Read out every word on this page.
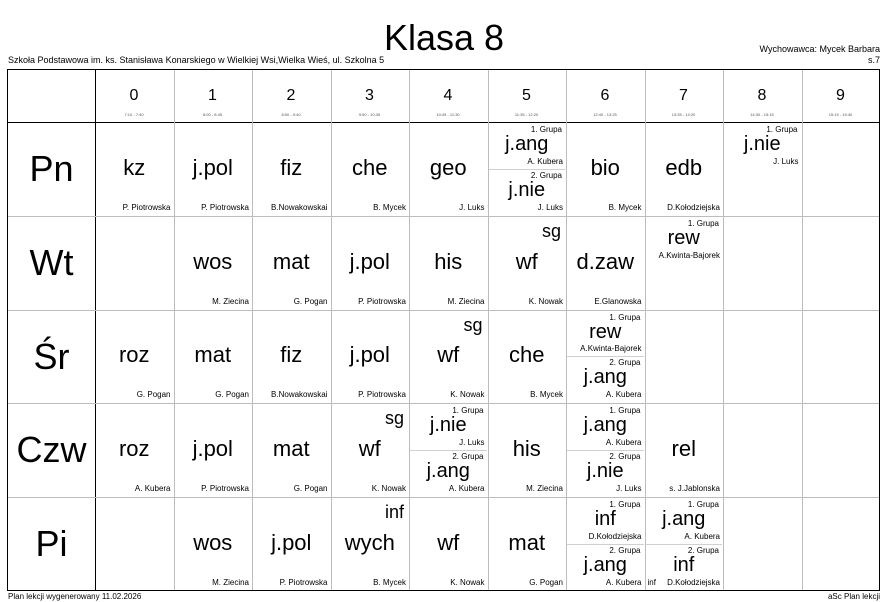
Klasa 8
Szkoła Podstawowa im. ks. Stanisława Konarskiego w Wielkiej Wsi,Wielka Wieś, ul. Szkolna 5
Wychowawca: Mycek Barbara
s.7
0
7:10 - 7:40
1
8:00 - 8:45
2
8:50 - 9:40
3
9:50 - 10:35
4
10:45 - 11:30
5
11:35 - 12:20
6
12:40 - 13:25
7
13:35 - 14:20
8
14:30 - 15:15
9
15:15 - 15:40
Pn
Wt
Śr
Czw
Pi
kz
P. Piotrowska
j.pol
P. Piotrowska
fiz
B.Nowakowskai
che
B. Mycek
geo
J. Luks
1. Grupa
j.ang
A. Kubera
2. Grupa
j.nie
J. Luks
bio
B. Mycek
edb
D.Kołodziejska
1. Grupa
j.nie
J. Luks
wos
M. Ziecina
mat
G. Pogan
j.pol
P. Piotrowska
his
M. Ziecina
wf
K. Nowak
sg
d.zaw
E.Glanowska
1. Grupa
rew
A.Kwinta-Bajorek
roz
G. Pogan
mat
G. Pogan
fiz
B.Nowakowskai
j.pol
P. Piotrowska
wf
K. Nowak
sg
che
B. Mycek
1. Grupa
rew
A.Kwinta-Bajorek
2. Grupa
j.ang
A. Kubera
roz
A. Kubera
j.pol
P. Piotrowska
mat
G. Pogan
wf
K. Nowak
sg	1. Grupa
j.nie
J. Luks
2. Grupa
j.ang
A. Kubera
his
M. Ziecina
1. Grupa
j.ang
A. Kubera
2. Grupa
j.nie
J. Luks
rel
s. J.Jablonska
wos
M. Ziecina
j.pol
P. Piotrowska
wych
B. Mycek
inf
wf
K. Nowak
mat
G. Pogan
1. Grupa
inf
D.Kołodziejska
2. Grupa
j.ang
A. Kubera
1. Grupa
j.ang
A. Kubera
2. Grupa
inf
D.Kołodziejska
inf
Plan lekcji wygenerowany 11.02.2026	aSc Plan lekcji
